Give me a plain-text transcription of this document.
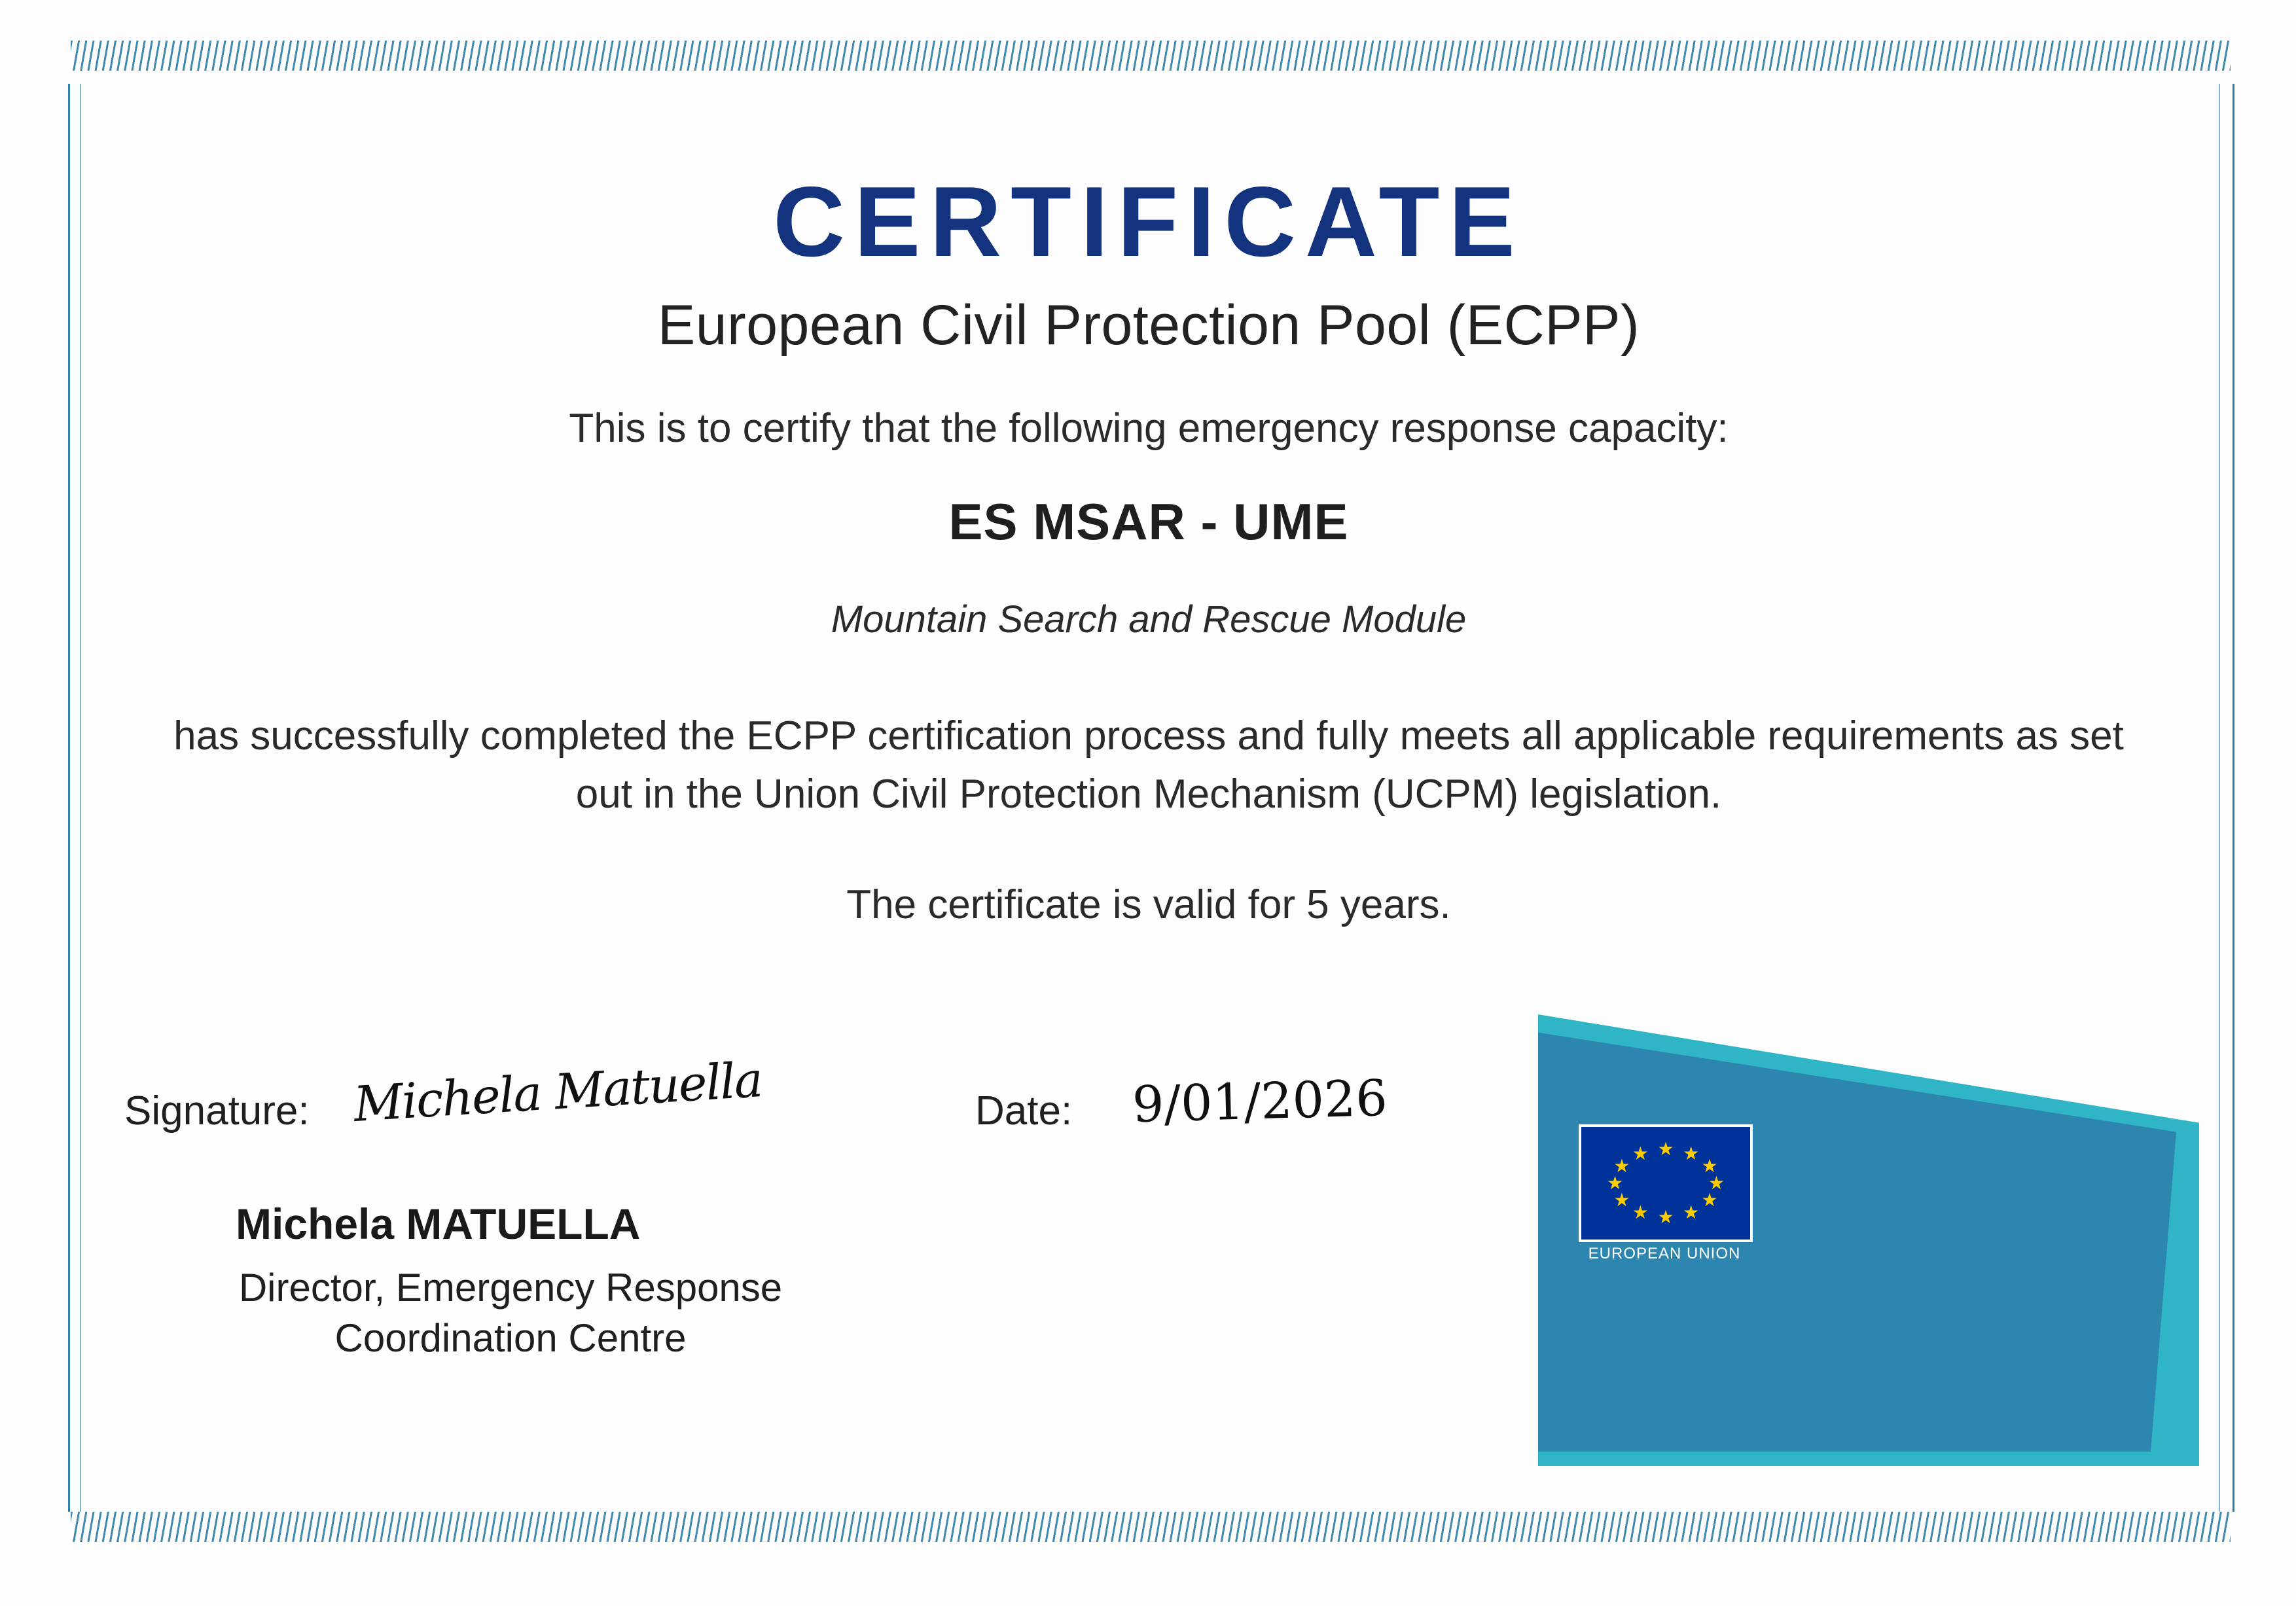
CERTIFICATE
European Civil Protection Pool (ECPP)
This is to certify that the following emergency response capacity:
ES MSAR - UME
Mountain Search and Rescue Module
has successfully completed the ECPP certification process and fully meets all applicable requirements as set out in the Union Civil Protection Mechanism (UCPM) legislation.
The certificate is valid for 5 years.
Signature: Michela Matuella	Date: 9/01/2026
Michela MATUELLA
Director, Emergency Response
Coordination Centre
★ ★
★
★
★
★
★
★
★
★
★
★
EUROPEAN UNION
